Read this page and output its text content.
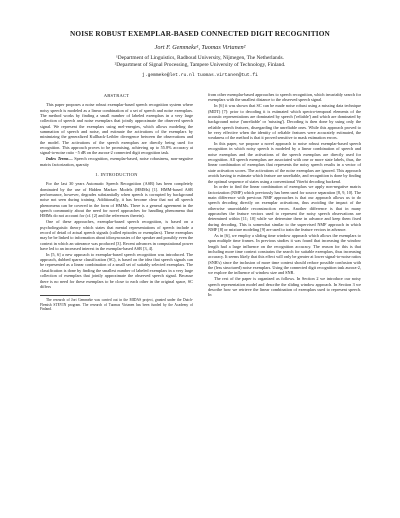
NOISE ROBUST EXEMPLAR-BASED CONNECTED DIGIT RECOGNITION
Jort F. Gemmeke¹, Tuomas Virtanen²
¹Department of Linguistics, Radboud University, Nijmegen, The Netherlands.
²Department of Signal Processing, Tampere University of Technology, Finland.
j.gemmeke@let.ru.nl tuomas.virtanen@tut.fi
ABSTRACT

This paper proposes a noise robust exemplar-based speech recognition system where noisy speech is modeled as a linear combination of a set of speech and noise exemplars. The method works by finding a small number of labeled exemplars in a very large collection of speech and noise exemplars that jointly approximate the observed speech signal. We represent the exemplars using mel-energies, which allows modeling the summation of speech and noise, and estimate the activations of the exemplars by minimizing the generalized Kullback-Leibler divergence between the observations and the model. The activations of the speech exemplars are directly being used for recognition. This approach proves to be promising, achieving up to 55.8% accuracy at signal-to-noise ratio −5 dB on the aurora-2 connected digit recognition task.

Index Terms— Speech recognition, exemplar-based, noise robustness, non-negative matrix factorization, sparsity

1. INTRODUCTION

For the last 30 years Automatic Speech Recognition (ASR) has been completely dominated by the use of Hidden Markov Models (HMMs) [1]. HMM-based ASR performance, however, degrades substantially when speech is corrupted by background noise not seen during training. Additionally, it has become clear that not all speech phenomena can be covered in the form of HMMs. There is a general agreement in the speech community about the need for novel approaches for handling phenomena that HMMs do not account for (cf. [2] and the references therein).

One of these approaches, exemplar-based speech recognition, is based on a psycholinguistic theory which states that mental representations of speech include a record of detail of actual speech signals (called episodes or exemplars). These exemplars may be be linked to information about idiosyncrasies of the speaker and possibly even the context in which an utterance was produced [3]. Recent advances in computational power have led to an increased interest in the exemplar-based ASR [3, 4].

In [5, 6] a new approach to exemplar-based speech recognition was introduced. The approach, dubbed sparse classification (SC), is based on the idea that speech signals can be represented as a linear combination of a small set of suitably selected exemplars. The classification is done by finding the smallest number of labeled exemplars in a very large collection of exemplars that jointly approximate the observed speech signal. Because there is no need for these exemplars to be close to each other in the original space, SC differs

The research of Jort Gemmeke was carried out in the MIDAS project, granted under the Dutch-Flemish STEVIN program. The research of Tuomas Virtanen has been funded by the Academy of Finland.

from other exemplar-based approaches to speech recognition, which invariably search for exemplars with the smallest distance to the observed speech signal.

In [6] it was shown that SC can be made noise robust using a missing data technique (MDT) [7]: prior to decoding it is estimated which spectro-temporal elements of the acoustic representations are dominated by speech ('reliable') and which are dominated by background noise ('unreliable' or 'missing'). Decoding is then done by using only the reliable speech features, disregarding the unreliable ones. While this approach proved to be very effective when the identity of reliable features were accurately estimated, the weakness of the method is that it proved sensitive to mask estimation errors.

In this paper, we propose a novel approach to noise robust exemplar-based speech recognition in which noisy speech is modeled by a linear combination of speech and noise exemplars and the activations of the speech exemplars are directly used for recognition. All speech exemplars are associated with one or more state labels, thus, the linear combination of exemplars that represents the noisy speech results in a vector of state activation scores. The activations of the noise exemplars are ignored. This approach avoids having to estimate which feature are unreliable, and recognition is done by finding the optimal sequence of states using a conventional Viterbi decoding backend.

In order to find the linear combination of exemplars we apply non-negative matrix factorization (NMF) which previously has been used for source separation [8, 9, 10]. The main difference with previous NMF approaches is that our approach allows us to do speech decoding directly on exemplar activations, thus avoiding the impact of the otherwise unavoidable reconstruction errors. Another difference is that in many approaches the feature vectors used to represent the noisy speech observations are determined within [11; 10] while we determine these in advance and keep them fixed during decoding. This is somewhat similar to the supervised NMF approach in which NMF [8] or mixture modeling [9] are used to train the feature vectors in advance.

As in [6], we employ a sliding time window approach which allows the exemplars to span multiple time frames. In previous studies it was found that increasing the window length had a large influence on the recognition accuracy. The reason for this is that including more time context constrains the search for suitable exemplars, thus increasing accuracy. It seems likely that this effect will only be greater at lower signal-to-noise ratios (SNR's) since the inclusion of more time context should reduce possible confusion with the (less structured) noise exemplars. Using the connected digit recognition task aurora-2, we explore the influence of window size and SNR.

The rest of the paper is organized as follows. In Section 2 we introduce our noisy speech representation model and describe the sliding window approach. In Section 3 we describe how we retrieve the linear combination of exemplars used to represent speech. In
